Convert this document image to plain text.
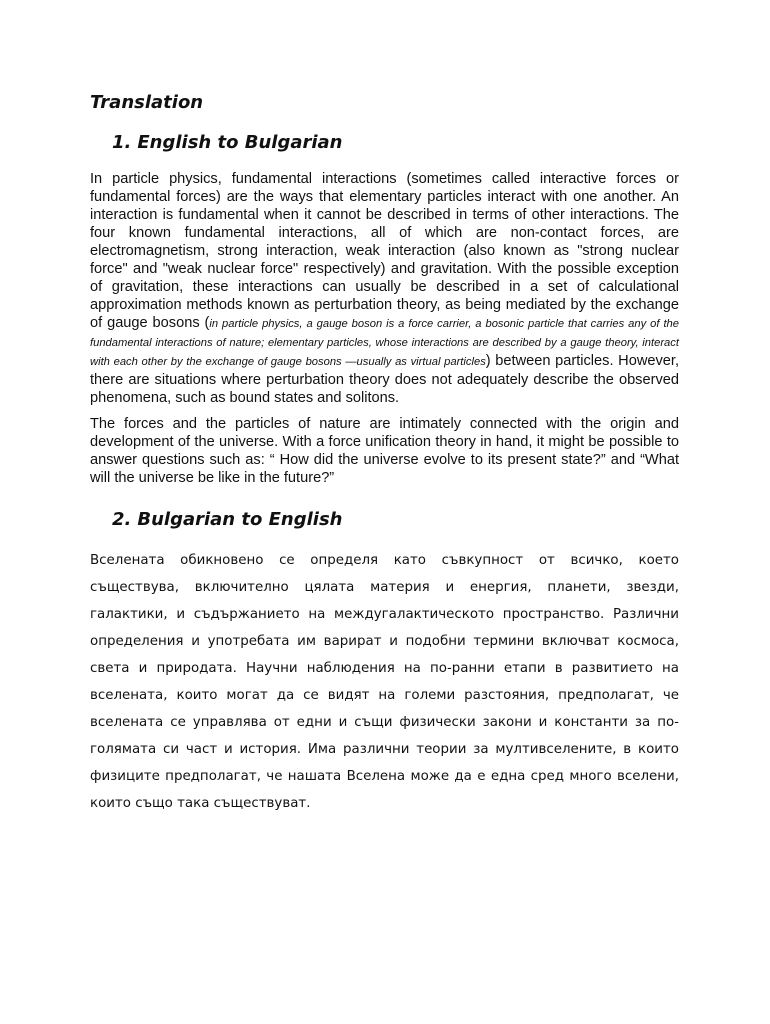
Translation
1. English to Bulgarian

In particle physics, fundamental interactions (sometimes called interactive forces or fundamental forces) are the ways that elementary particles interact with one another. An interaction is fundamental when it cannot be described in terms of other interactions. The four known fundamental interactions, all of which are non-contact forces, are electromagnetism, strong interaction, weak interaction (also known as "strong nuclear force" and "weak nuclear force" respectively) and gravitation. With the possible exception of gravitation, these interactions can usually be described in a set of calculational approximation methods known as perturbation theory, as being mediated by the exchange of gauge bosons (in particle physics, a gauge boson is a force carrier, a bosonic particle that carries any of the fundamental interactions of nature; elementary particles, whose interactions are described by a gauge theory, interact with each other by the exchange of gauge bosons —usually as virtual particles) between particles. However, there are situations where perturbation theory does not adequately describe the observed phenomena, such as bound states and solitons.

The forces and the particles of nature are intimately connected with the origin and development of the universe. With a force unification theory in hand, it might be possible to answer questions such as: “ How did the universe evolve to its present state?” and “What will the universe be like in the future?”

2. Bulgarian to English

Вселената обикновено се определя като съвкупност от всичко, което съществува, включително цялата материя и енергия, планети, звезди, галактики, и съдържанието на междугалактическото пространство. Различни определения и употребата им варират и подобни термини включват космоса, света и природата. Научни наблюдения на по-ранни етапи в развитието на вселената, които могат да се видят на големи разстояния, предполагат, че вселената се управлява от едни и същи физически закони и константи за по-голямата си част и история. Има различни теории за мултивселените, в които физиците предполагат, че нашата Вселена може да е една сред много вселени, които също така съществуват.
